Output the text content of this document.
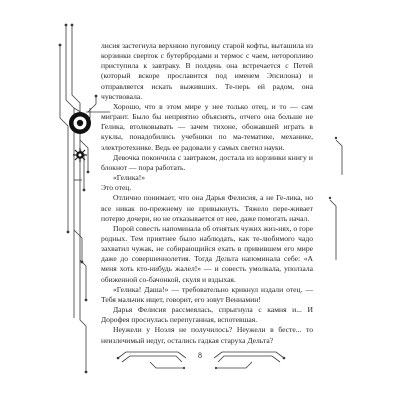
лисия застегнула верхнюю пуговицу старой кофты, выташила из корзинки сверток с бутербродами и термос с чаем, неторопливо приступила к завтраку. В полдень она встречается с Петей (который вскоре прославится под именем Эпсилона) и отправляется искать выживших. Те-перь ей радом, она чувствовала.

Хорошо, что в этом мире у нее только отец, и то — сам мигрант. Было бы неприятно объяснять, отчего она больше не Гелика, втолковывать — зачем тихоне, обожавшей играть в куклы, понадобились учебники по ма-тематике, механике, электротехнике. Ведь ее радовали у самых светил науки.

Девочка покончила с завтраком, достала из корзинки книгу и блокнот — пора работать.

«Гелика!»

Это отец.

Отлично понимает, что она Дарья Фелисия, а не Ге-лика, но все никак по-прежнему не привыкнуть. Тяжело пере-живает потерю дочери, но не отказывается от нее, даже помогать начал.

Порой совесть напоминала об отнятых чужих жиз-нях, о горе родных. Тем приятнее было наблюдать, как те-любимого чадо захватил чужак, не собирающийся ехать в привившем его мире даже до совершеннолетия. Тогда Дельта напоминала себе: «А меня хоть кто-нибудь жалел!» — и совесть умолкала, уползала обиженной со-бачонкой, скуля и вздыхая.

«Гелика! Даша!» — требовательно крикнул издали отец. — Тебя мальчик ищет, говорит, его зовут Вениамин!

Дарья Фелисия рассмеялась, спрыгнула с камня и... И Дорофея проснулась перепуганная, вспотевшая.

Неужели у Ноэля не получилось? Неужели в бесте... то неизлечимый недуг, остались гадкая старуха Дельта?

8
